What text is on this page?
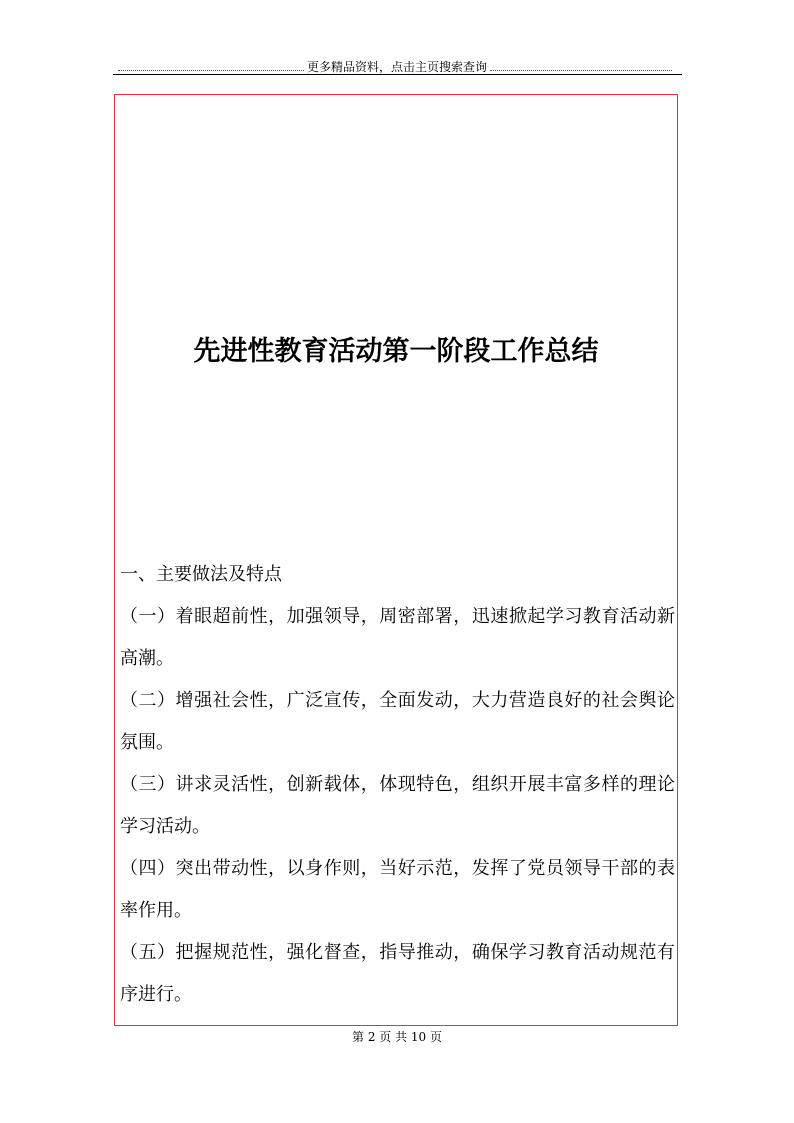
更多精品资料，点击主页搜索查询
先进性教育活动第一阶段工作总结

一、主要做法及特点

（一）着眼超前性，加强领导，周密部署，迅速掀起学习教育活动新高潮。

（二）增强社会性，广泛宣传，全面发动，大力营造良好的社会舆论氛围。

（三）讲求灵活性，创新载体，体现特色，组织开展丰富多样的理论学习活动。

（四）突出带动性，以身作则，当好示范，发挥了党员领导干部的表率作用。

（五）把握规范性，强化督查，指导推动，确保学习教育活动规范有序进行。

第 2 页 共 10 页
